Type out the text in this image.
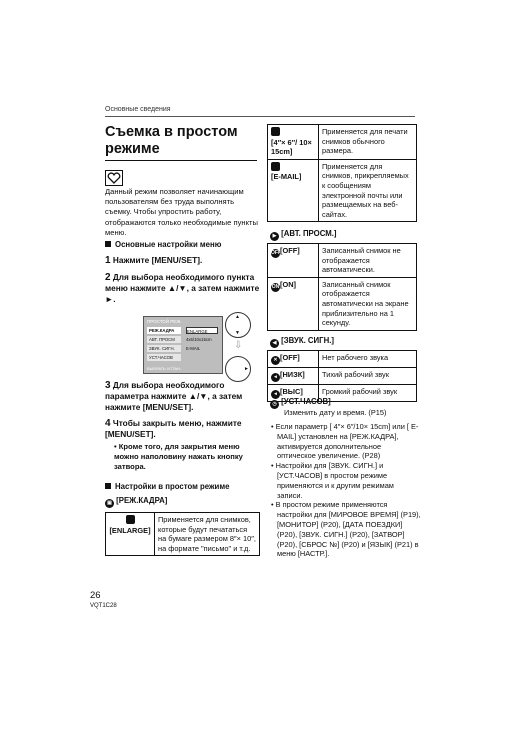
Основные сведения
Съемка в простом режиме
Данный режим позволяет начинающим пользователям без труда выполнять съемку. Чтобы упростить работу, отображаются только необходимые пункты меню.
Основные настройки меню
1 Нажмите [MENU/SET].
2 Для выбора необходимого пункта меню нажмите ▲/▼, а затем нажмите ►.
ПРОСТОЙ РЕЖ.
РЕЖ.КАДРА
АВТ. ПРОСМ
ЗВУК. СИГН.
УСТ.ЧАСОВ
ENLARGE
4x6/10x15cm
E-MAIL
ВЫБРАТЬ УСТАН.
▲
▼
⇩
►
3 Для выбора необходимого параметра нажмите ▲/▼, а затем нажмите [MENU/SET].
4 Чтобы закрыть меню, нажмите [MENU/SET].
• Кроме того, для закрытия меню можно наполовину нажать кнопку затвора.
Настройки в простом режиме
▣ [РЕЖ.КАДРА]

[ENLARGE]	Применяется для снимков, которые будут печататься на бумаге размером 8″× 10″, на формате "письмо" и т.д.

[4″× 6″/ 10× 15cm]	Применяется для печати снимков обычного размера.

[E-MAIL]	Применяется для снимков, прикрепляемых к сообщениям электронной почты или размещаемых на веб-сайтах.
▶ [АВТ. ПРОСМ.]
OFF[OFF]	Записанный снимок не отображается автоматически.
ON[ON]	Записанный снимок отображается автоматически на экране приблизительно на 1 секунду.
◀ [ЗВУК. СИГН.]
✕ [OFF]	Нет рабочего звука
◂ [НИЗК]	Тихий рабочий звук
◂ [ВЫС]	Громкий рабочий звук
◷ [УСТ.ЧАСОВ]
Изменить дату и время. (P15)
• Если параметр [ 4″× 6″/10× 15cm] или [ E-MAIL] установлен на [РЕЖ.КАДРА], активируется дополнительное оптическое увеличение. (P28)
• Настройки для [ЗВУК. СИГН.] и [УСТ.ЧАСОВ] в простом режиме применяются и к другим режимам записи.
• В простом режиме применяются настройки для [МИРОВОЕ ВРЕМЯ] (P19), [МОНИТОР] (P20), [ДАТА ПОЕЗДКИ] (P20), [ЗВУК. СИГН.] (P20), [ЗАТВОР] (P20), [СБРОС №] (P20) и [ЯЗЫК] (P21) в меню [НАСТР.].
26
VQT1C28
